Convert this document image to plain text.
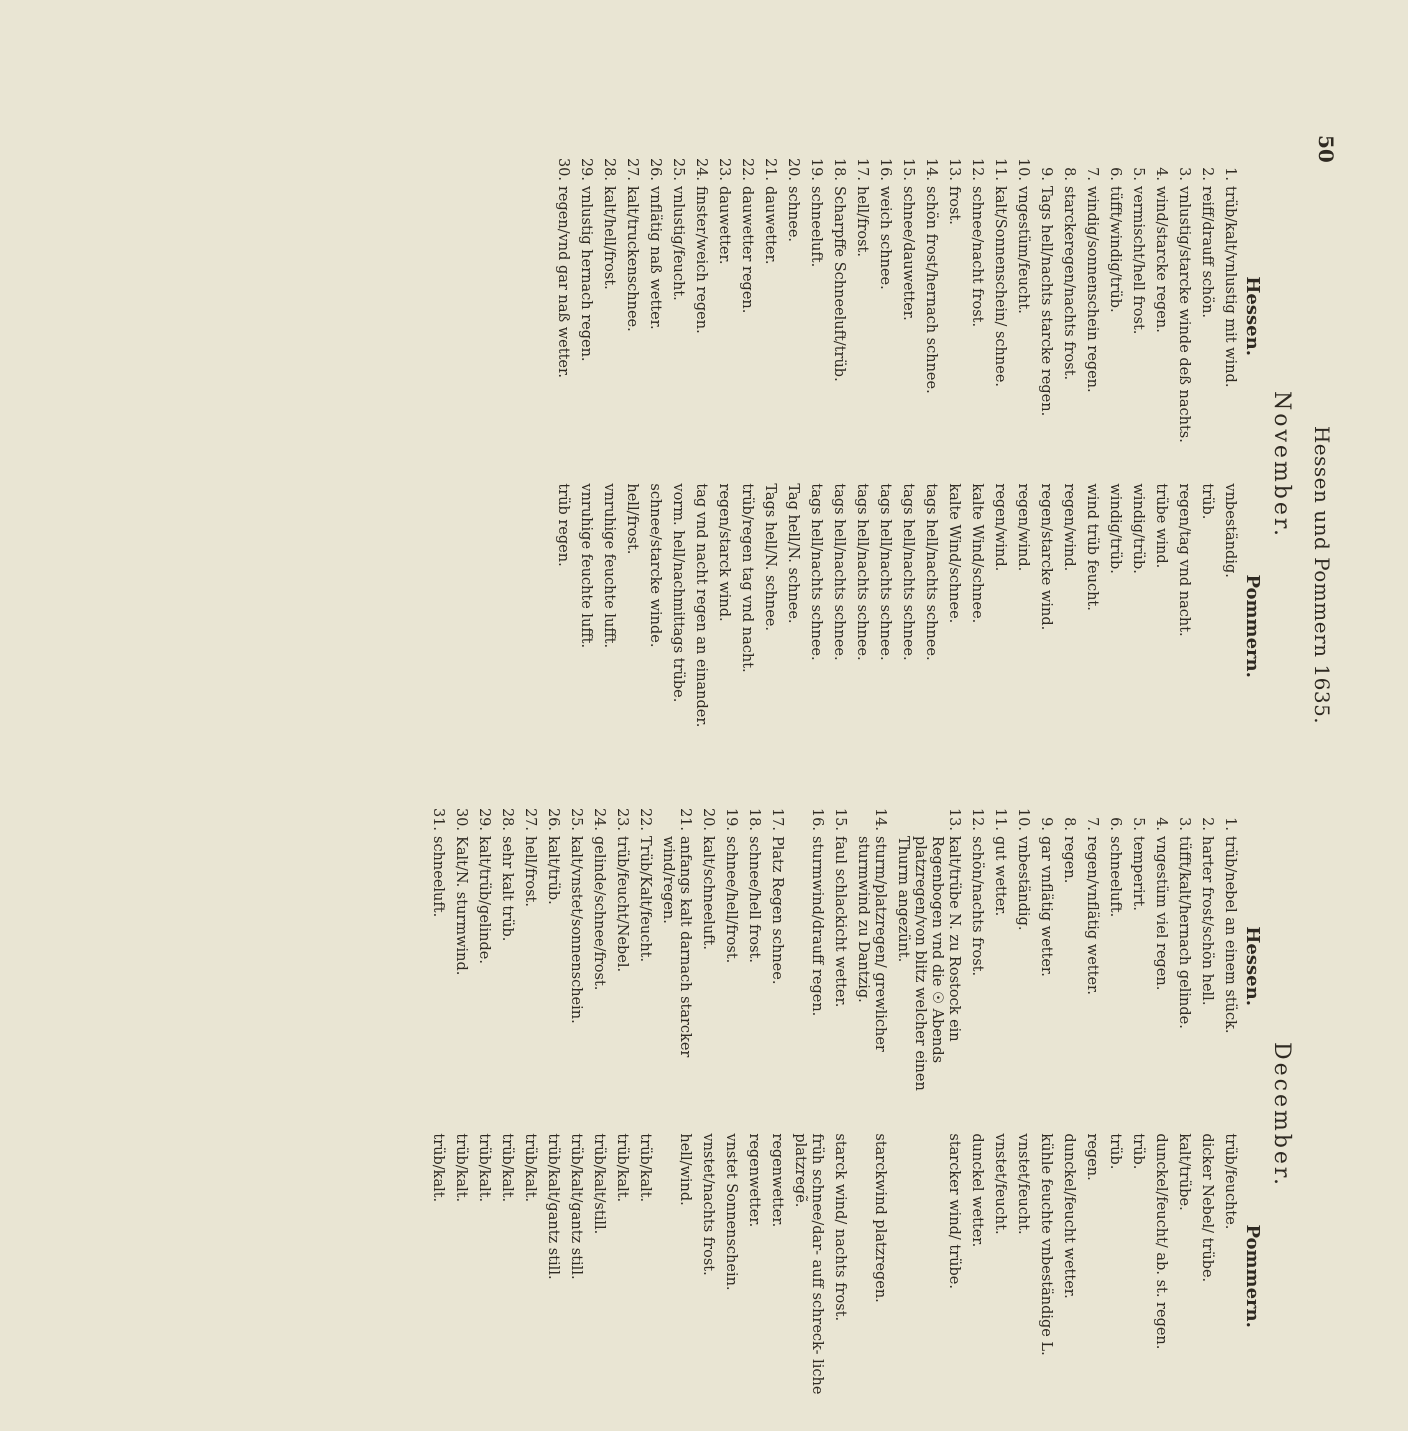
Hessen und Pommern 1635.
50
November.
Hessen.
Pommern.
1.
trüb/kalt/vnlustig mit wind.
vnbeständig.
2.
reiff/drauff schön.
trüb.
3.
vnlustig/starcke winde deß nachts.
regen/tag vnd nacht.
4.
wind/starcke regen.
trübe wind.
5.
vermischt/hell frost.
windig/trüb.
6.
tüfft/windig/trüb.
windig/trüb.
7.
windig/sonnenschein regen.
wind trüb feucht.
8.
starckeregen/nachts frost.
regen/wind.
9.
Tags hell/nachts starcke regen.
regen/starcke wind.
10.
vngestüm/feucht.
regen/wind.
11.
kalt/Sonnenschein/ schnee.
regen/wind.
12.
schnee/nacht frost.
kalte Wind/schnee.
13.
frost.
kalte Wind/schnee.
14.
schön frost/hernach schnee.
tags hell/nachts schnee.
15.
schnee/dauwetter.
tags hell/nachts schnee.
16.
weich schnee.
tags hell/nachts schnee.
17.
hell/frost.
tags hell/nachts schnee.
18.
Scharpffe Schneeluft/trüb.
tags hell/nachts schnee.
19.
schneeluft.
tags hell/nachts schnee.
20.
schnee.
Tag hell/N. schnee.
21.
dauwetter.
Tags hell/N. schnee.
22.
dauwetter regen.
trüb/regen tag vnd nacht.
23.
dauwetter.
regen/starck wind.
24.
finster/weich regen.
tag vnd nacht regen an einander.
25.
vnlustig/feucht.
vorm. hell/nachmittags trübe.
26.
vnflätig naß wetter.
schnee/starcke winde.
27.
kalt/truckenschnee.
hell/frost.
28.
kalt/hell/frost.
vnruhige feuchte lufft.
29.
vnlustig hernach regen.
vnruhige feuchte lufft.
30.
regen/vnd gar naß wetter.
trüb regen.
December.
Hessen.
Pommern.
1.
trüb/nebel an einem stück.
trüb/feuchte.
2.
harter frost/schön hell.
dicker Nebel/ trübe.
3.
tüfft/kalt/hernach gelinde.
kalt/trübe.
4.
vngestüm viel regen.
dunckel/feucht/ ab. st. regen.
5.
temperirt.
trüb.
6.
schneeluft.
trüb.
7.
regen/vnflätig wetter.
regen.
8.
regen.
dunckel/feucht wetter.
9.
gar vnflätig wetter.
kühle feuchte vnbeständige L.
10.
vnbeständig.
vnstet/feucht.
11.
gut wetter.
vnstet/feucht.
12.
schön/nachts frost.
dunckel wetter.
13.
kalt/trübe N. zu Rostock ein Regenbogen vnd die ☉ Abends platzregen/von blitz welcher einen Thurm angezünt.
starcker wind/ trübe.
14.
sturm/platzregen/ grewlicher sturmwind zu Dantzig.
starckwind platzregen.
15.
faul schlackicht wetter.
starck wind/ nachts frost.
16.
sturmwind/drauff regen.
früh schnee/dar- auff schreck- liche platzregẽ.
17.
Platz Regen schnee.
regenwetter.
18.
schnee/hell frost.
regenwetter.
19.
schnee/hell/frost.
vnstet Sonnenschein.
20.
kalt/schneeluft.
vnstet/nachts frost.
21.
anfangs kalt darnach starcker wind/regen.
hell/wind.
22.
Trüb/Kalt/feucht.
trüb/kalt.
23.
trüb/feucht/Nebel.
trüb/kalt.
24.
gelinde/schnee/frost.
trüb/kalt/still.
25.
kalt/vnstet/sonnenschein.
trüb/kalt/gantz still.
26.
kalt/trüb.
trüb/kalt/gantz still.
27.
hell/frost.
trüb/kalt.
28.
sehr kalt trüb.
trüb/kalt.
29.
kalt/trüb/gelinde.
trüb/kalt.
30.
Kalt/N. sturmwind.
trüb/kalt.
31.
schneeluft.
trüb/kalt.
